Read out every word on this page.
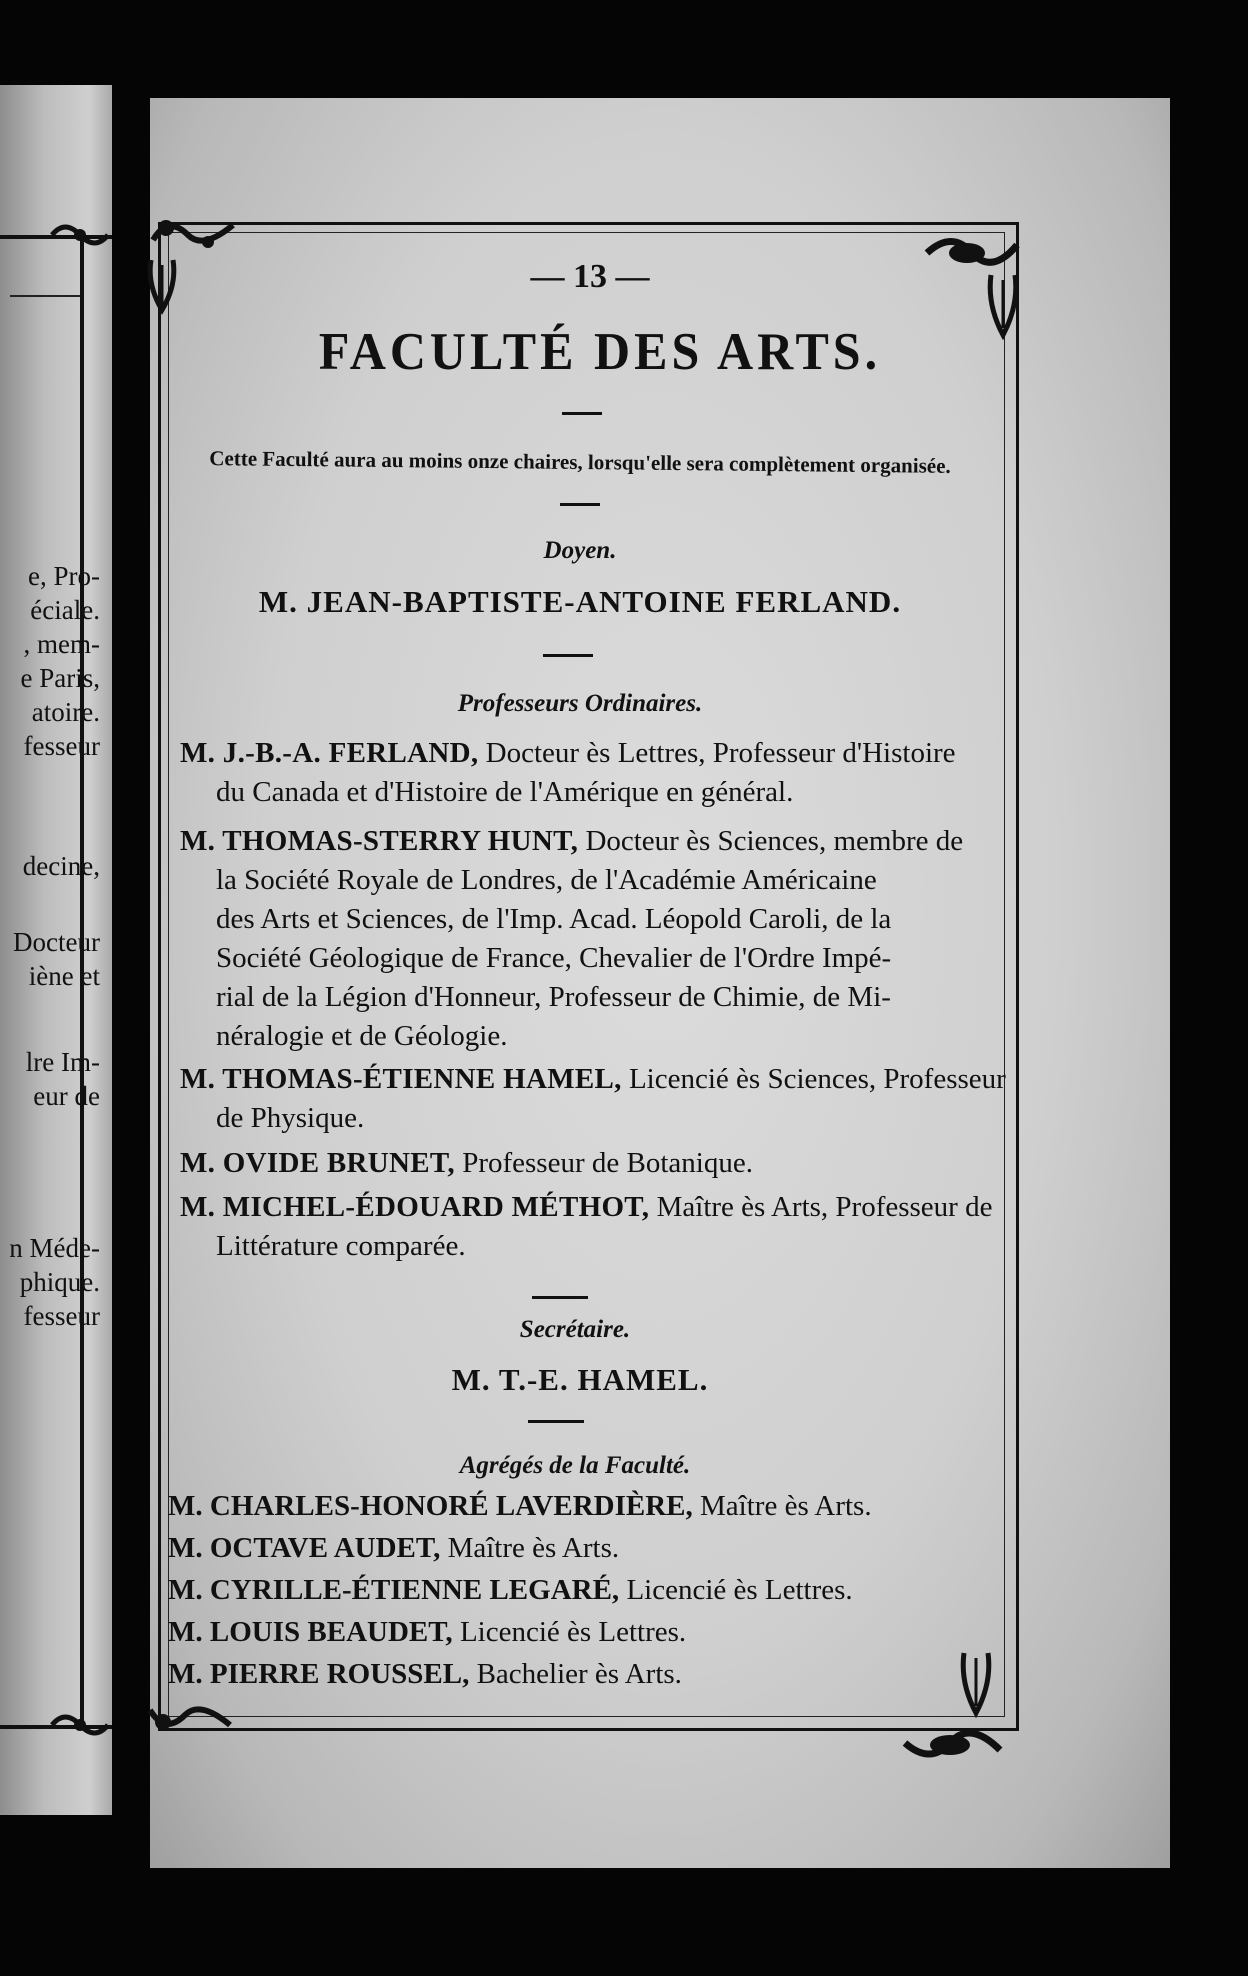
e, Pro-
éciale.
, mem-
e Paris,
atoire.
fesseur
decine,
Docteur
iène et
lre Im-
eur de
n Méde-
phique.
fesseur
— 13 —
FACULTÉ DES ARTS.
Cette Faculté aura au moins onze chaires, lorsqu'elle sera complètement organisée.
Doyen.
M. JEAN-BAPTISTE-ANTOINE FERLAND.
Professeurs Ordinaires.
M. J.-B.-A. FERLAND, Docteur ès Lettres, Professeur d'Histoire
du Canada et d'Histoire de l'Amérique en général.
M. THOMAS-STERRY HUNT, Docteur ès Sciences, membre de
la Société Royale de Londres, de l'Académie Américaine
des Arts et Sciences, de l'Imp. Acad. Léopold Caroli, de la
Société Géologique de France, Chevalier de l'Ordre Impé-
rial de la Légion d'Honneur, Professeur de Chimie, de Mi-
néralogie et de Géologie.
M. THOMAS-ÉTIENNE HAMEL, Licencié ès Sciences, Professeur
de Physique.
M. OVIDE BRUNET, Professeur de Botanique.
M. MICHEL-ÉDOUARD MÉTHOT, Maître ès Arts, Professeur de
Littérature comparée.
Secrétaire.
M. T.-E. HAMEL.
Agrégés de la Faculté.
M. CHARLES-HONORÉ LAVERDIÈRE, Maître ès Arts.
M. OCTAVE AUDET, Maître ès Arts.
M. CYRILLE-ÉTIENNE LEGARÉ, Licencié ès Lettres.
M. LOUIS BEAUDET, Licencié ès Lettres.
M. PIERRE ROUSSEL, Bachelier ès Arts.
